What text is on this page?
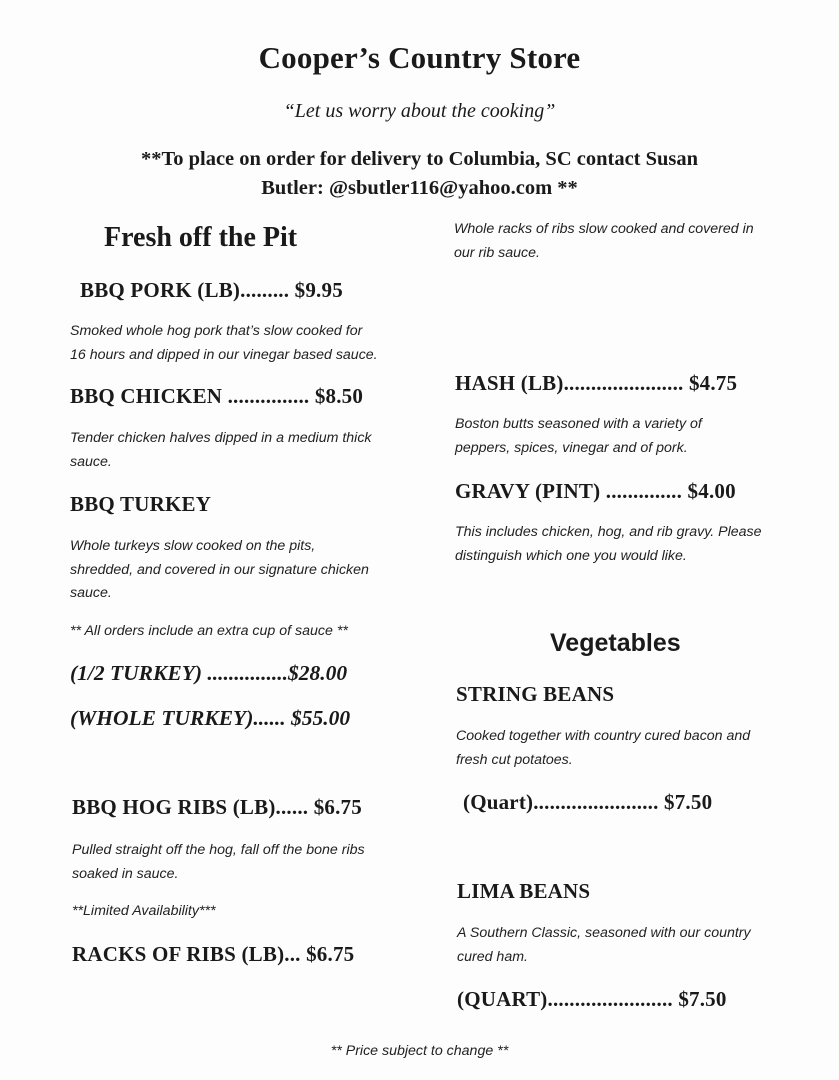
Cooper’s Country Store
“Let us worry about the cooking”
**To place on order for delivery to Columbia, SC contact Susan
Butler: @sbutler116@yahoo.com **
Fresh off the Pit
BBQ PORK (LB)......... $9.95
Smoked whole hog pork that’s slow cooked for
16 hours and dipped in our vinegar based sauce.
BBQ CHICKEN ............... $8.50
Tender chicken halves dipped in a medium thick
sauce.
BBQ TURKEY
Whole turkeys slow cooked on the pits,
shredded, and covered in our signature chicken
sauce.
** All orders include an extra cup of sauce **
(1/2 TURKEY) ...............$28.00
(WHOLE TURKEY)...... $55.00
BBQ HOG RIBS (LB)...... $6.75
Pulled straight off the hog, fall off the bone ribs
soaked in sauce.
**Limited Availability***
RACKS OF RIBS (LB)... $6.75
Whole racks of ribs slow cooked and covered in
our rib sauce.
HASH (LB)...................... $4.75
Boston butts seasoned with a variety of
peppers, spices, vinegar and of pork.
GRAVY (PINT) .............. $4.00
This includes chicken, hog, and rib gravy. Please
distinguish which one you would like.
Vegetables
STRING BEANS
Cooked together with country cured bacon and
fresh cut potatoes.
(Quart)....................... $7.50
LIMA BEANS
A Southern Classic, seasoned with our country
cured ham.
(QUART)....................... $7.50
** Price subject to change **
